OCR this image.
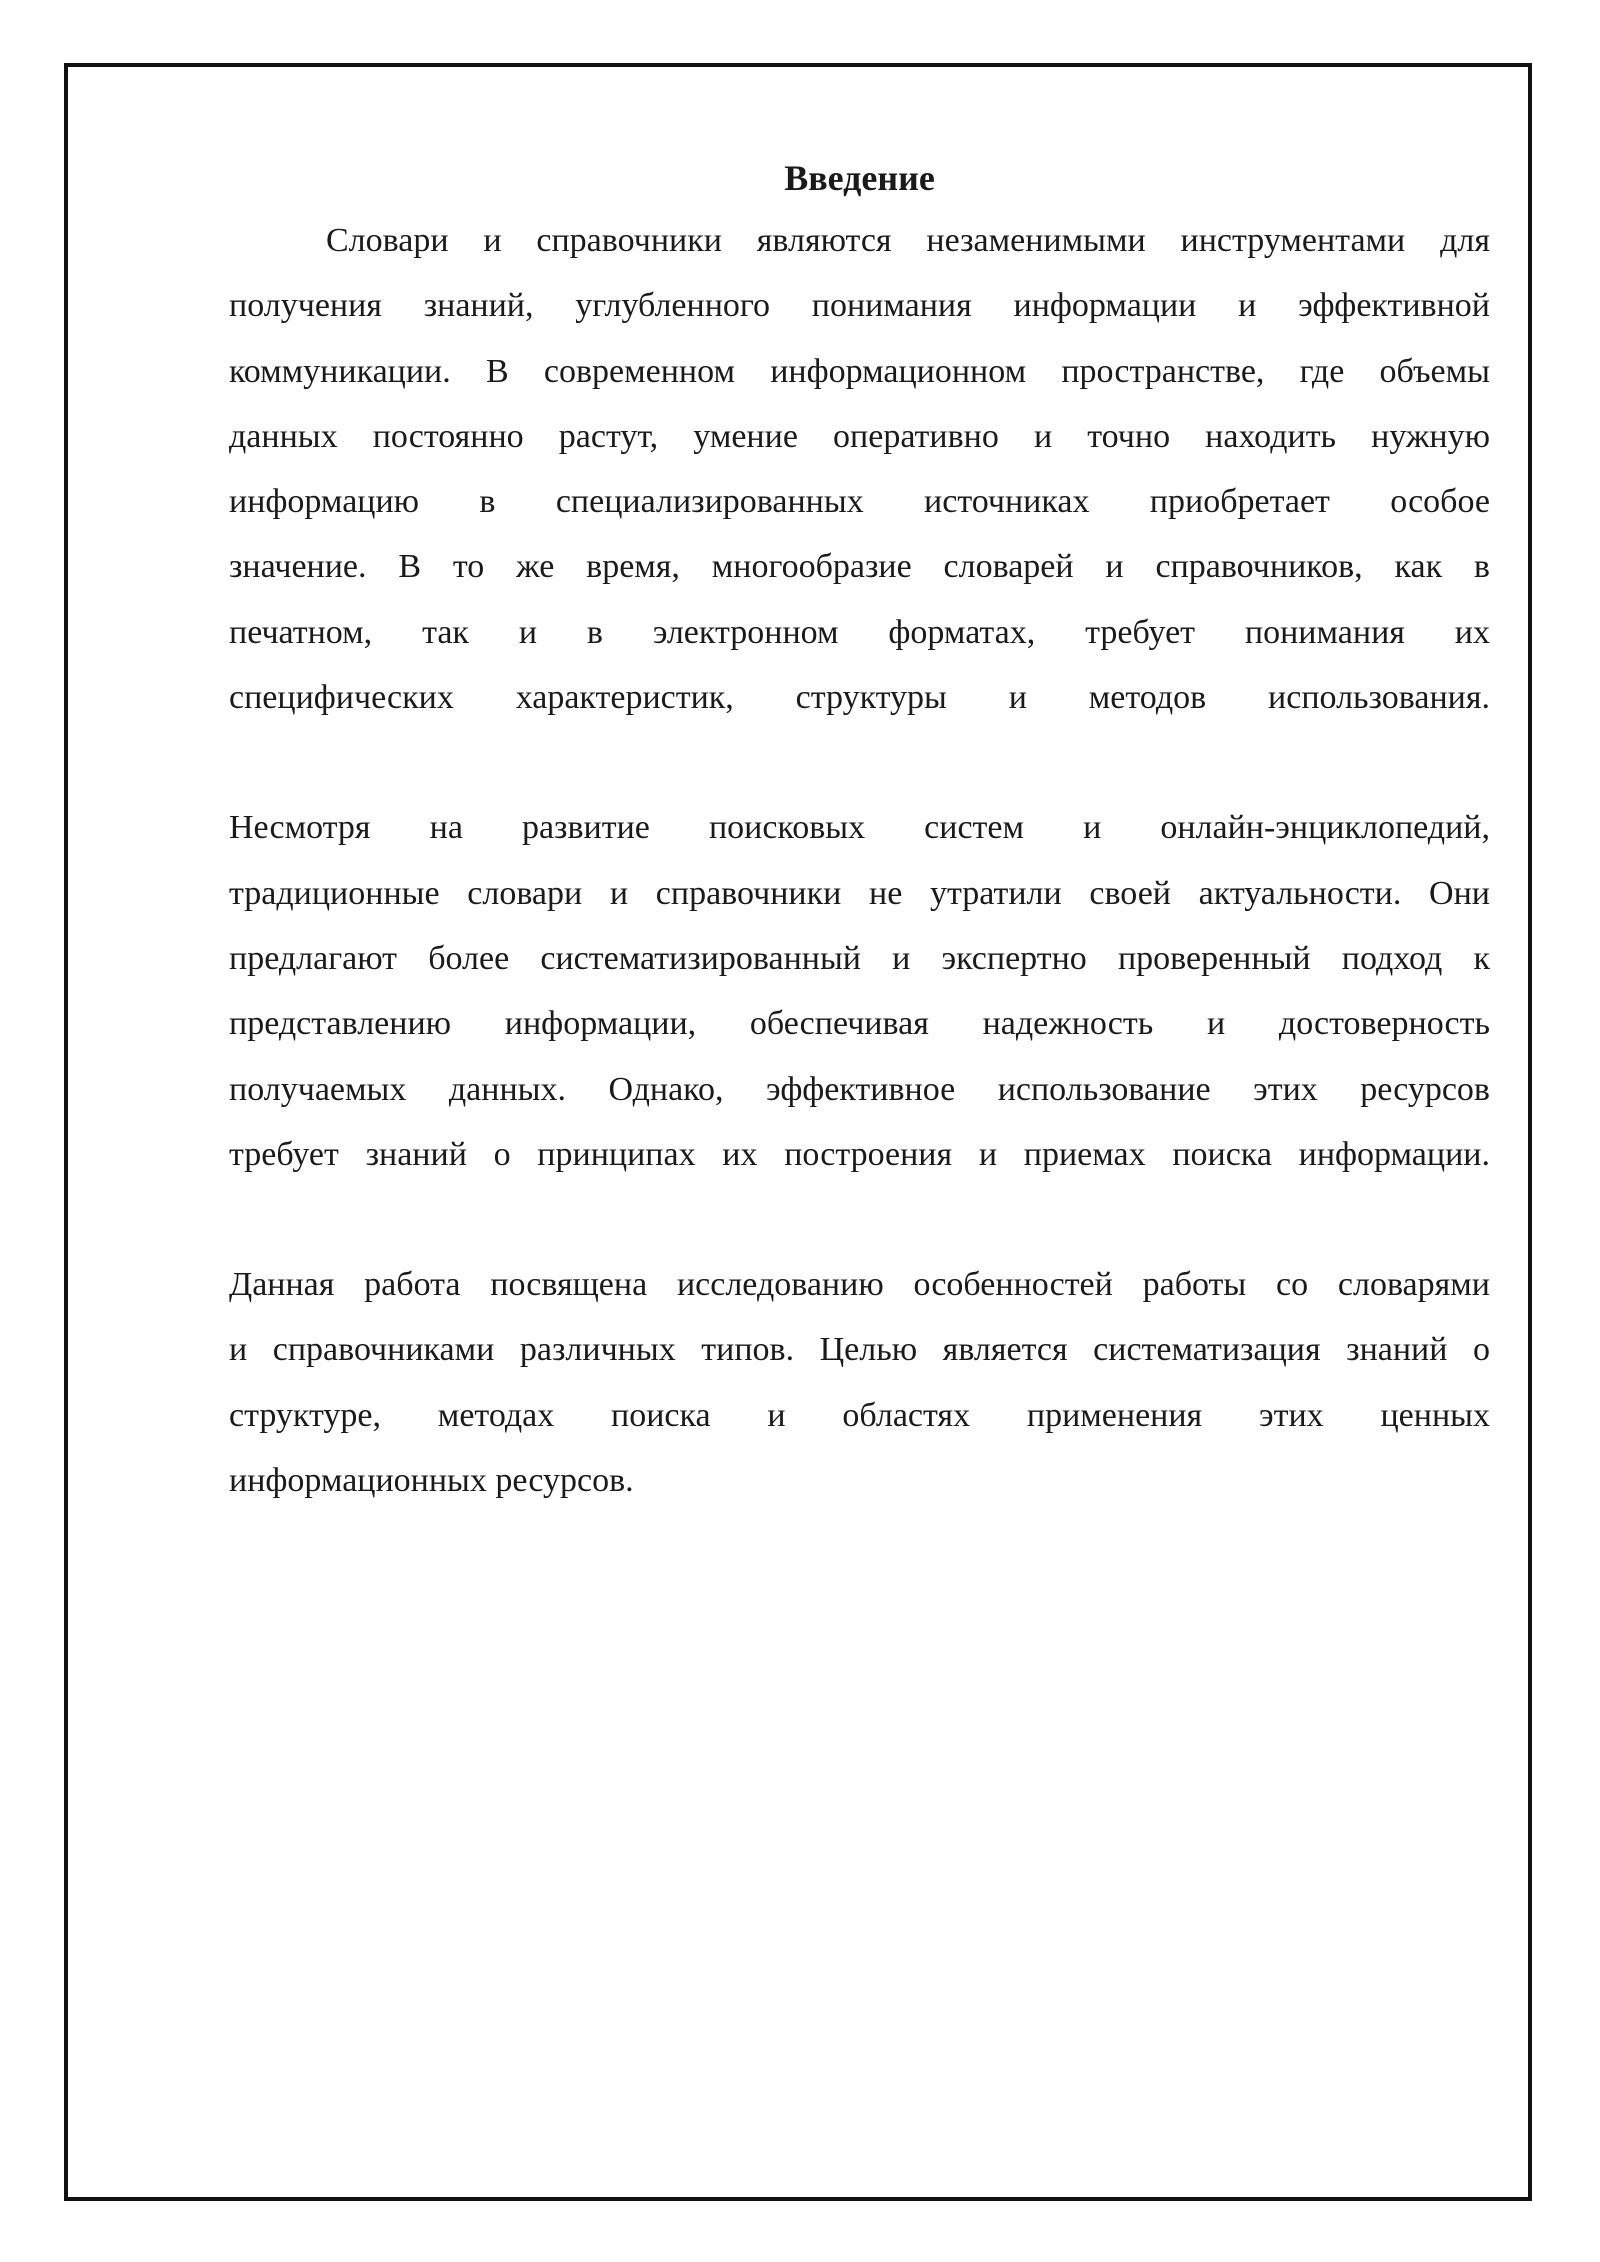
Введение

Словари и справочники являются незаменимыми инструментами для

получения знаний, углубленного понимания информации и эффективной

коммуникации. В современном информационном пространстве, где объемы

данных постоянно растут, умение оперативно и точно находить нужную

информацию в специализированных источниках приобретает особое

значение. В то же время, многообразие словарей и справочников, как в

печатном, так и в электронном форматах, требует понимания их

специфических характеристик, структуры и методов использования.

Несмотря на развитие поисковых систем и онлайн-энциклопедий,

традиционные словари и справочники не утратили своей актуальности. Они

предлагают более систематизированный и экспертно проверенный подход к

представлению информации, обеспечивая надежность и достоверность

получаемых данных. Однако, эффективное использование этих ресурсов

требует знаний о принципах их построения и приемах поиска информации.

Данная работа посвящена исследованию особенностей работы со словарями

и справочниками различных типов. Целью является систематизация знаний о

структуре, методах поиска и областях применения этих ценных

информационных ресурсов.
